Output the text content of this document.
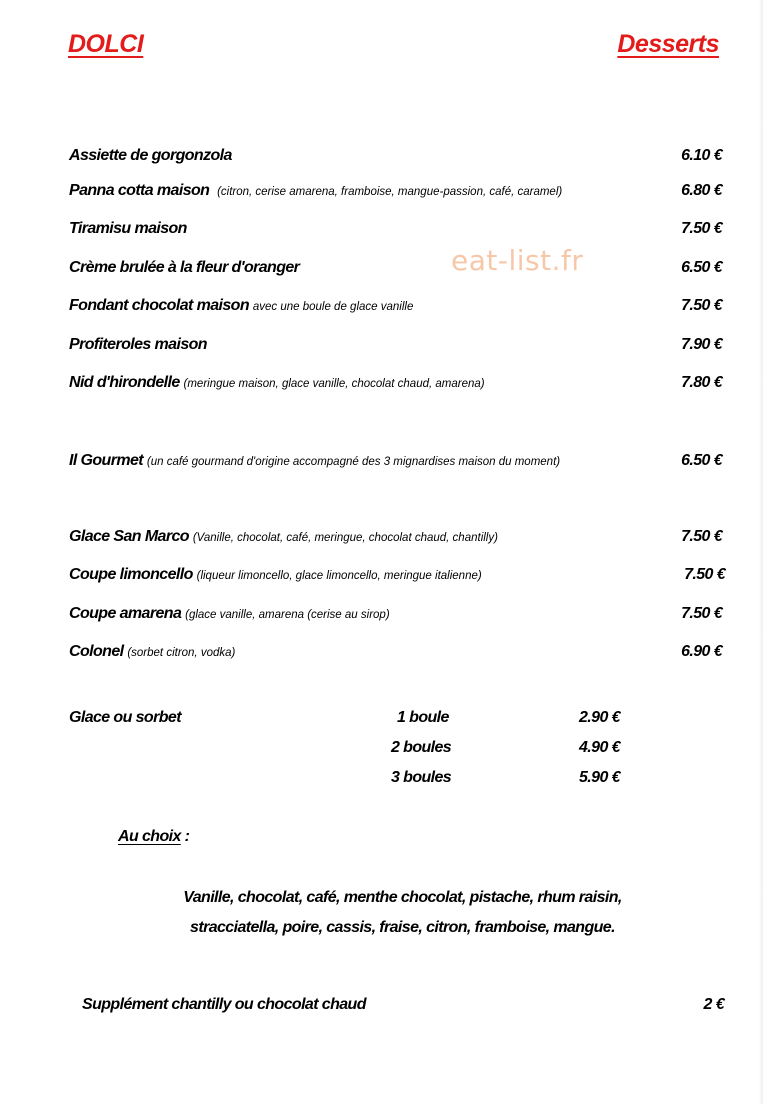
DOLCI	Desserts
eat-list.fr
Assiette de gorgonzola	6.10 €
Panna cotta maison (citron, cerise amarena, framboise, mangue-passion, café, caramel)	6.80 €
Tiramisu maison	7.50 €
Crème brulée à la fleur d'oranger	6.50 €
Fondant chocolat maison avec une boule de glace vanille	7.50 €
Profiteroles maison	7.90 €
Nid d'hirondelle (meringue maison, glace vanille, chocolat chaud, amarena)	7.80 €
Il Gourmet (un café gourmand d'origine accompagné des 3 mignardises maison du moment)	6.50 €
Glace San Marco (Vanille, chocolat, café, meringue, chocolat chaud, chantilly)	7.50 €
Coupe limoncello (liqueur limoncello, glace limoncello, meringue italienne)	7.50 €
Coupe amarena (glace vanille, amarena (cerise au sirop)	7.50 €
Colonel (sorbet citron, vodka)	6.90 €
Glace ou sorbet	1 boule	2.90 €
2 boules	4.90 €
3 boules	5.90 €
Au choix :
Vanille, chocolat, café, menthe chocolat, pistache, rhum raisin,
stracciatella, poire, cassis, fraise, citron, framboise, mangue.
Supplément chantilly ou chocolat chaud	2 €
